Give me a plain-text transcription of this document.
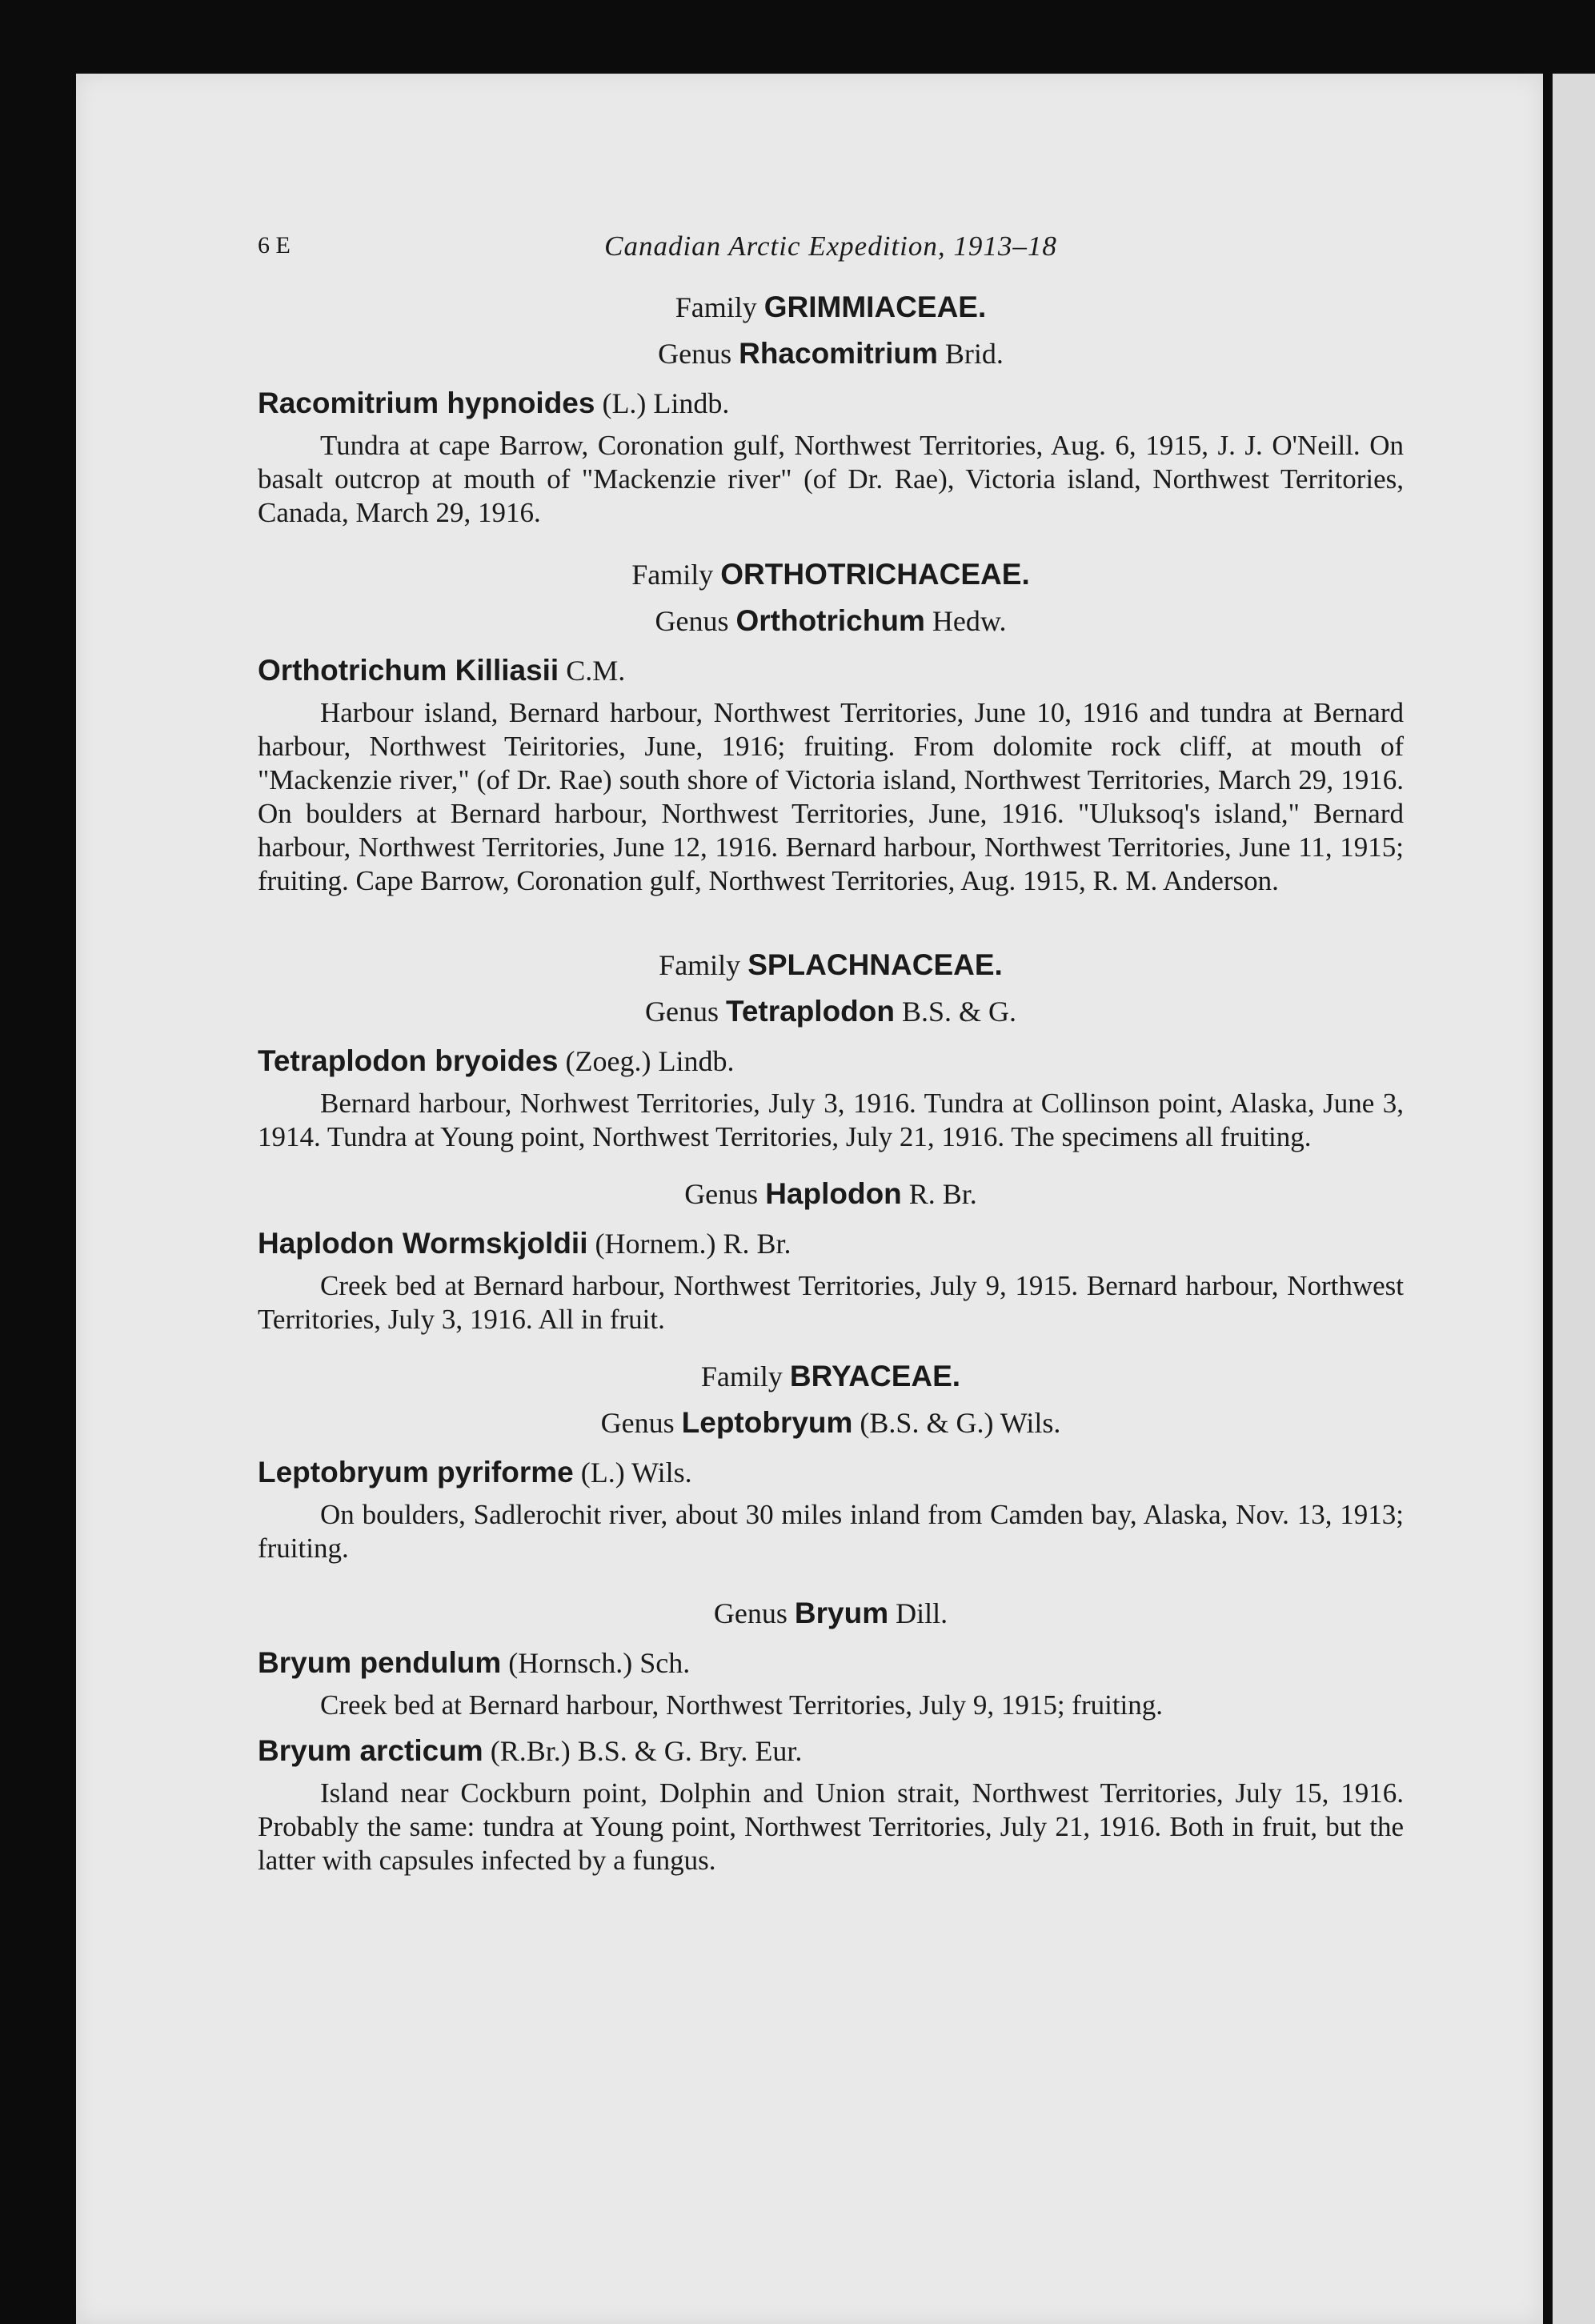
6 E	Canadian Arctic Expedition, 1913–18

Family GRIMMIACEAE.

Genus Rhacomitrium Brid.

Racomitrium hypnoides (L.) Lindb.

Tundra at cape Barrow, Coronation gulf, Northwest Territories, Aug. 6, 1915, J. J. O'Neill. On basalt outcrop at mouth of "Mackenzie river" (of Dr. Rae), Victoria island, Northwest Territories, Canada, March 29, 1916.

Family ORTHOTRICHACEAE.

Genus Orthotrichum Hedw.

Orthotrichum Killiasii C.M.

Harbour island, Bernard harbour, Northwest Territories, June 10, 1916 and tundra at Bernard harbour, Northwest Teiritories, June, 1916; fruiting. From dolomite rock cliff, at mouth of "Mackenzie river," (of Dr. Rae) south shore of Victoria island, Northwest Territories, March 29, 1916. On boulders at Bernard harbour, Northwest Territories, June, 1916. "Uluksoq's island," Bernard harbour, Northwest Territories, June 12, 1916. Bernard harbour, Northwest Territories, June 11, 1915; fruiting. Cape Barrow, Coronation gulf, Northwest Territories, Aug. 1915, R. M. Anderson.

Family SPLACHNACEAE.

Genus Tetraplodon B.S. & G.

Tetraplodon bryoides (Zoeg.) Lindb.

Bernard harbour, Norhwest Territories, July 3, 1916. Tundra at Collinson point, Alaska, June 3, 1914. Tundra at Young point, Northwest Territories, July 21, 1916. The specimens all fruiting.

Genus Haplodon R. Br.

Haplodon Wormskjoldii (Hornem.) R. Br.

Creek bed at Bernard harbour, Northwest Territories, July 9, 1915. Bernard harbour, Northwest Territories, July 3, 1916. All in fruit.

Family BRYACEAE.

Genus Leptobryum (B.S. & G.) Wils.

Leptobryum pyriforme (L.) Wils.

On boulders, Sadlerochit river, about 30 miles inland from Camden bay, Alaska, Nov. 13, 1913; fruiting.

Genus Bryum Dill.

Bryum pendulum (Hornsch.) Sch.

Creek bed at Bernard harbour, Northwest Territories, July 9, 1915; fruiting.

Bryum arcticum (R.Br.) B.S. & G. Bry. Eur.

Island near Cockburn point, Dolphin and Union strait, Northwest Territories, July 15, 1916. Probably the same: tundra at Young point, Northwest Territories, July 21, 1916. Both in fruit, but the latter with capsules infected by a fungus.
